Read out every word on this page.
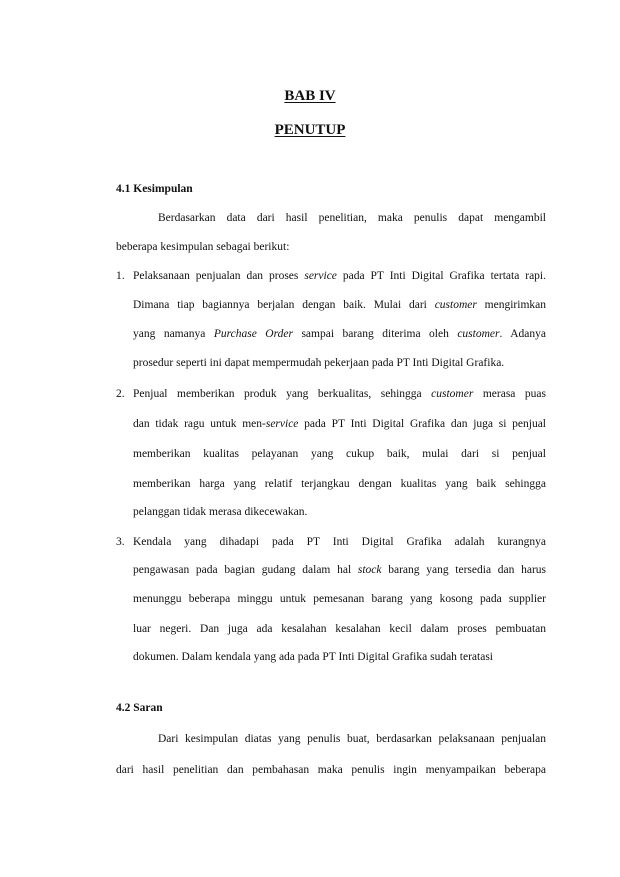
BAB IV
PENUTUP
4.1 Kesimpulan
Berdasarkan data dari hasil penelitian, maka penulis dapat mengambil
beberapa kesimpulan sebagai berikut:
1. Pelaksanaan penjualan dan proses service pada PT Inti Digital Grafika tertata rapi.
Dimana tiap bagiannya berjalan dengan baik. Mulai dari customer mengirimkan
yang namanya Purchase Order sampai barang diterima oleh customer. Adanya
prosedur seperti ini dapat mempermudah pekerjaan pada PT Inti Digital Grafika.
2. Penjual memberikan produk yang berkualitas, sehingga customer merasa puas
dan tidak ragu untuk men-service pada PT Inti Digital Grafika dan juga si penjual
memberikan kualitas pelayanan yang cukup baik, mulai dari si penjual
memberikan harga yang relatif terjangkau dengan kualitas yang baik sehingga
pelanggan tidak merasa dikecewakan.
3. Kendala yang dihadapi pada PT Inti Digital Grafika adalah kurangnya
pengawasan pada bagian gudang dalam hal stock barang yang tersedia dan harus
menunggu beberapa minggu untuk pemesanan barang yang kosong pada supplier
luar negeri. Dan juga ada kesalahan kesalahan kecil dalam proses pembuatan
dokumen. Dalam kendala yang ada pada PT Inti Digital Grafika sudah teratasi
4.2 Saran
Dari kesimpulan diatas yang penulis buat, berdasarkan pelaksanaan penjualan
dari hasil penelitian dan pembahasan maka penulis ingin menyampaikan beberapa
